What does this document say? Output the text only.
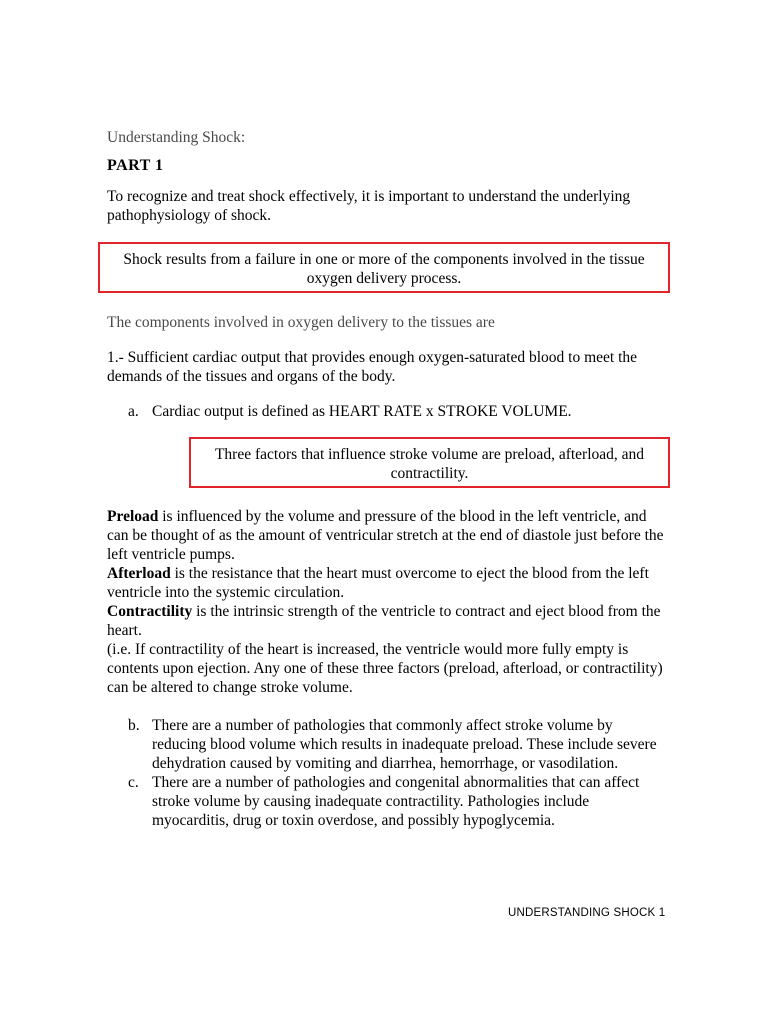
Understanding Shock:
PART 1
To recognize and treat shock effectively, it is important to understand the underlying pathophysiology of shock.
Shock results from a failure in one or more of the components involved in the tissue oxygen delivery process.
The components involved in oxygen delivery to the tissues are
1.- Sufficient cardiac output that provides enough oxygen-saturated blood to meet the demands of the tissues and organs of the body.
a. Cardiac output is defined as HEART RATE x STROKE VOLUME.
Three factors that influence stroke volume are preload, afterload, and contractility.

Preload is influenced by the volume and pressure of the blood in the left ventricle, and can be thought of as the amount of ventricular stretch at the end of diastole just before the left ventricle pumps.

Afterload is the resistance that the heart must overcome to eject the blood from the left ventricle into the systemic circulation.

Contractility is the intrinsic strength of the ventricle to contract and eject blood from the heart.

(i.e. If contractility of the heart is increased, the ventricle would more fully empty is contents upon ejection. Any one of these three factors (preload, afterload, or contractility) can be altered to change stroke volume.

b. There are a number of pathologies that commonly affect stroke volume by reducing blood volume which results in inadequate preload. These include severe dehydration caused by vomiting and diarrhea, hemorrhage, or vasodilation.
c. There are a number of pathologies and congenital abnormalities that can affect stroke volume by causing inadequate contractility. Pathologies include myocarditis, drug or toxin overdose, and possibly hypoglycemia.
UNDERSTANDING SHOCK 1
